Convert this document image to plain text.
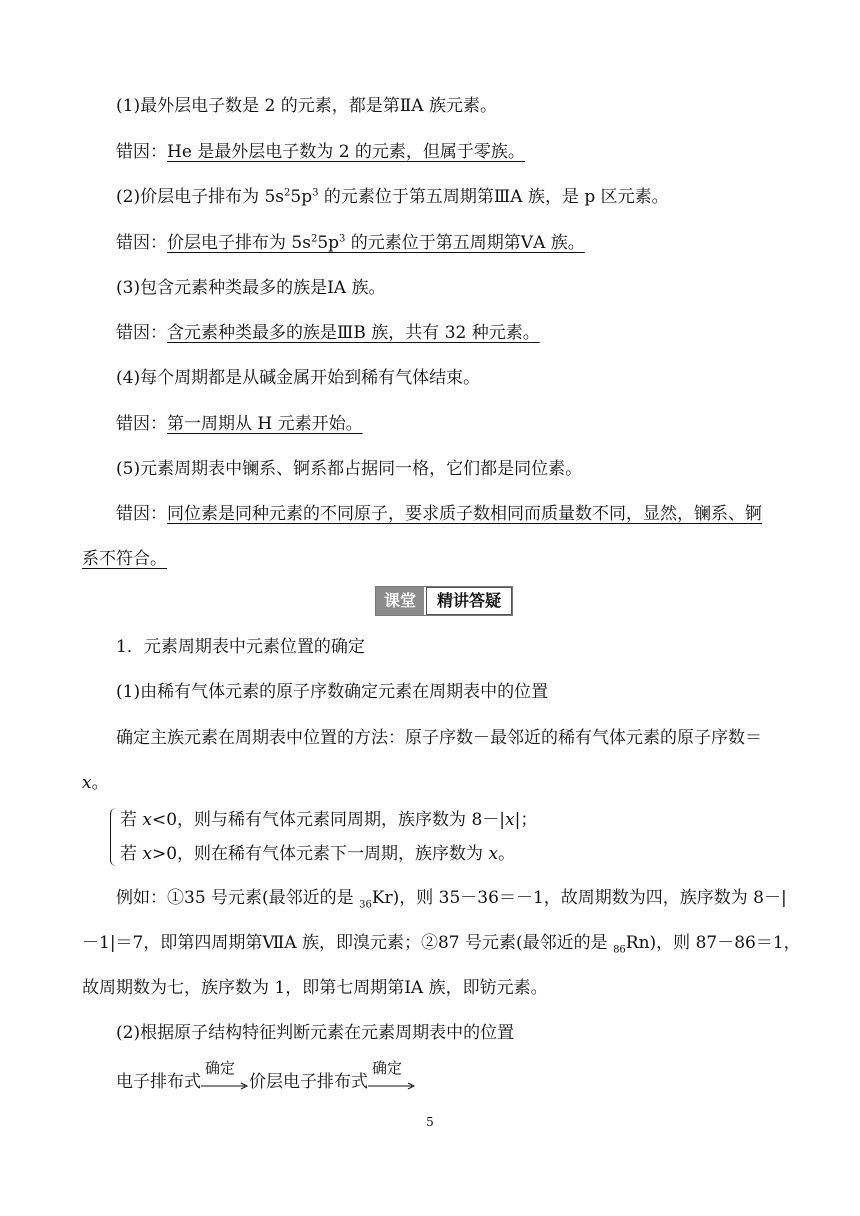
(1)最外层电子数是 2 的元素，都是第ⅡA 族元素。
错因：He 是最外层电子数为 2 的元素，但属于零族。
(2)价层电子排布为 $5s^25p^3$ 的元素位于第五周期第ⅢA 族，是 p 区元素。
错因：价层电子排布为 $5s^25p^3$ 的元素位于第五周期第ⅤA 族。
(3)包含元素种类最多的族是ⅠA 族。
错因：含元素种类最多的族是ⅢB 族，共有 32 种元素。
(4)每个周期都是从碱金属开始到稀有气体结束。
错因：第一周期从 H 元素开始。
(5)元素周期表中镧系、锕系都占据同一格，它们都是同位素。
错因：同位素是同种元素的不同原子，要求质子数相同而质量数不同，显然，镧系、锕
系不符合。
课堂	精讲答疑
1．元素周期表中元素位置的确定
(1)由稀有气体元素的原子序数确定元素在周期表中的位置
确定主族元素在周期表中位置的方法：原子序数－最邻近的稀有气体元素的原子序数＝
x。
若 x<0，则与稀有气体元素同周期，族序数为 8－|x|；
若 x>0，则在稀有气体元素下一周期，族序数为 x。
例如：①35 号元素(最邻近的是 $_{36}$Kr)，则 35－36＝－1，故周期数为四，族序数为 8－|
－1|＝7，即第四周期第ⅦA 族，即溴元素；②87 号元素(最邻近的是 $_{86}$Rn)，则 87－86＝1，
故周期数为七，族序数为 1，即第七周期第ⅠA 族，即钫元素。
(2)根据原子结构特征判断元素在元素周期表中的位置
电子排布式
确定
价层电子排布式
确定
5
